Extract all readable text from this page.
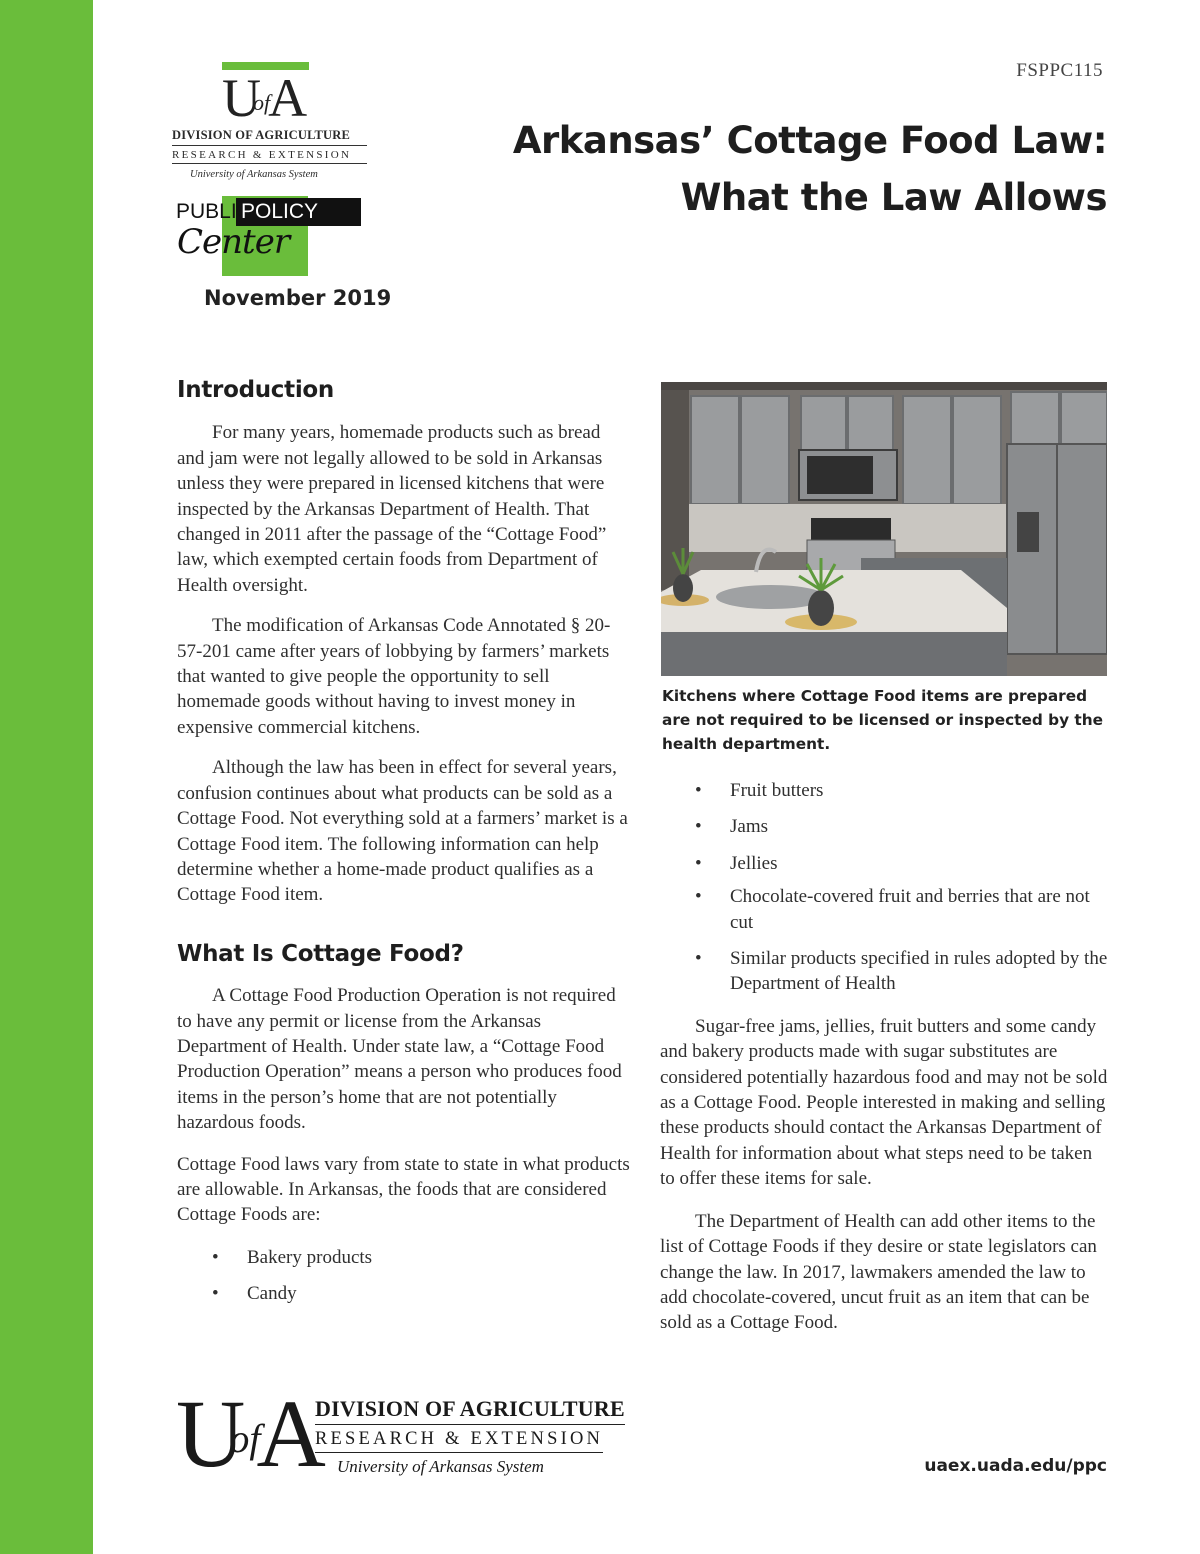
UofA
DIVISION OF AGRICULTURE
RESEARCH & EXTENSION
University of Arkansas System
PUBLIC
POLICY
Center
November 2019
FSPPC115
Arkansas’ Cottage Food Law:
What the Law Allows
Introduction

For many years, homemade products such as bread and jam were not legally allowed to be sold in Arkansas unless they were prepared in licensed kitchens that were inspected by the Arkansas Department of Health. That changed in 2011 after the passage of the “Cottage Food” law, which exempted certain foods from Department of Health oversight.

The modification of Arkansas Code Annotated § 20-57-201 came after years of lobbying by farmers’ markets that wanted to give people the opportunity to sell homemade goods without having to invest money in expensive commercial kitchens.

Although the law has been in effect for several years, confusion continues about what products can be sold as a Cottage Food. Not everything sold at a farmers’ market is a Cottage Food item. The following information can help determine whether a home-made product qualifies as a Cottage Food item.

What Is Cottage Food?

A Cottage Food Production Operation is not required to have any permit or license from the Arkansas Department of Health. Under state law, a “Cottage Food Production Operation” means a person who produces food items in the person’s home that are not potentially hazardous foods.

Cottage Food laws vary from state to state in what products are allowable. In Arkansas, the foods that are considered Cottage Foods are:

• Bakery products
• Candy
Kitchens where Cottage Food items are prepared are not required to be licensed or inspected by the health department.
• Fruit butters
• Jams
• Jellies
• Chocolate-covered fruit and berries that are not cut
• Similar products specified in rules adopted by the Department of Health

Sugar-free jams, jellies, fruit butters and some candy and bakery products made with sugar substitutes are considered potentially hazardous food and may not be sold as a Cottage Food. People interested in making and selling these products should contact the Arkansas Department of Health for information about what steps need to be taken to offer these items for sale.

The Department of Health can add other items to the list of Cottage Foods if they desire or state legislators can change the law. In 2017, lawmakers amended the law to add chocolate-covered, uncut fruit as an item that can be sold as a Cottage Food.

UofA DIVISION OF AGRICULTURE
RESEARCH & EXTENSION
University of Arkansas System	uaex.uada.edu/ppc
